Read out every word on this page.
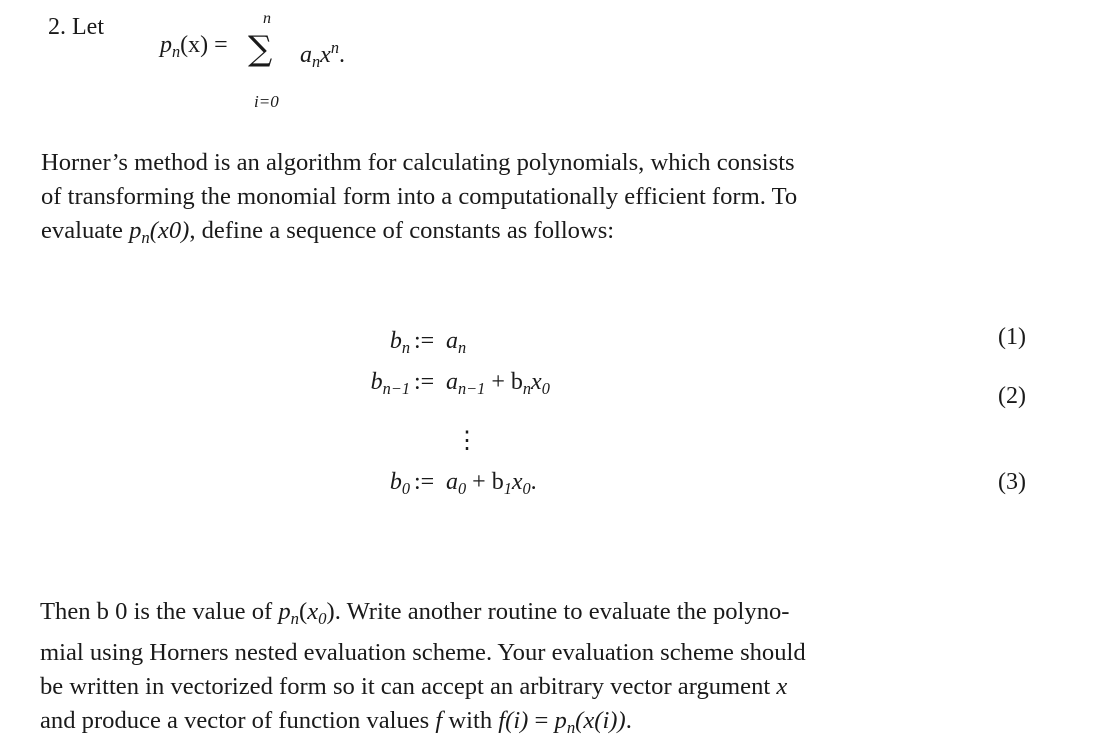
2. Let
$p_n(x)$ =
n
∑
i=0
$a_nx^n$.
Horner’s method is an algorithm for calculating polynomials, which consists
of transforming the monomial form into a computationally efficient form. To
evaluate $p_n(x0)$, define a sequence of constants as follows:
$b_n$ := $a_n$	(1)
$b_{n-1}$ := $a_{n-1} + b_nx_0$	(2)
⋮
$b_0$ := $a_0 + b_1x_0$.	(3)
Then b 0 is the value of $p_n(x_0)$. Write another routine to evaluate the polyno-
mial using Horners nested evaluation scheme. Your evaluation scheme should
be written in vectorized form so it can accept an arbitrary vector argument x
and produce a vector of function values f with $f(i) = p_n(x(i))$.
